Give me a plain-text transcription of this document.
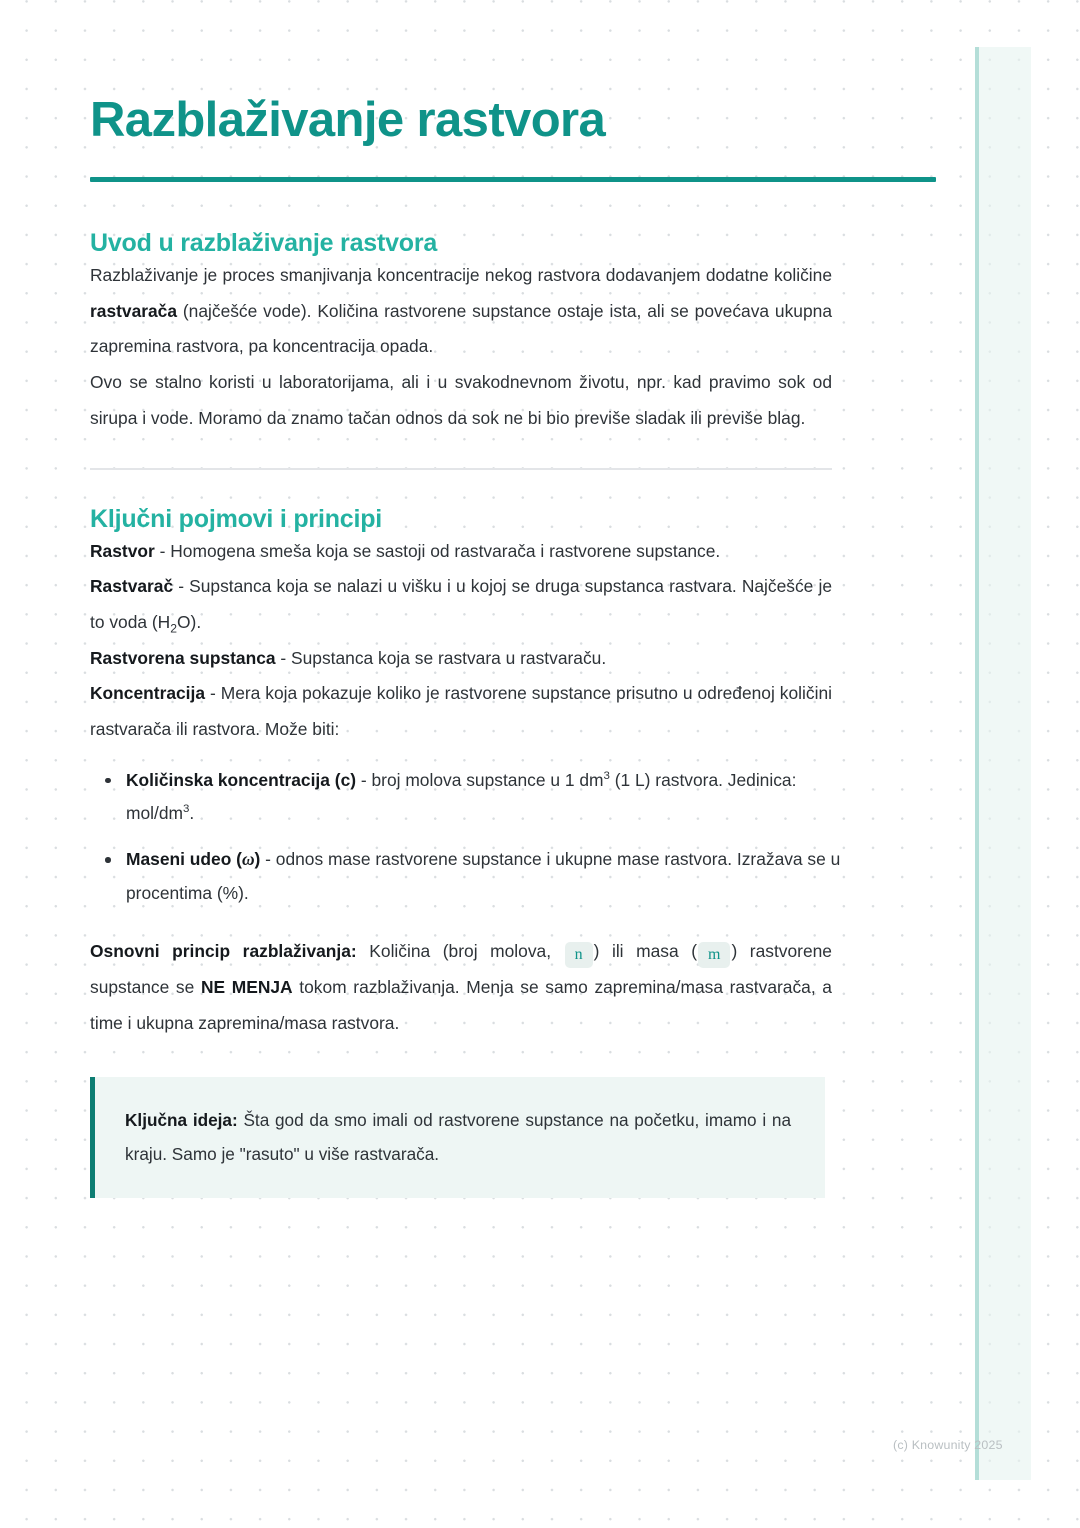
Razblaživanje rastvora
Uvod u razblaživanje rastvora

Razblaživanje je proces smanjivanja koncentracije nekog rastvora dodavanjem dodatne količine rastvarača (najčešće vode). Količina rastvorene supstance ostaje ista, ali se povećava ukupna zapremina rastvora, pa koncentracija opada.

Ovo se stalno koristi u laboratorijama, ali i u svakodnevnom životu, npr. kad pravimo sok od sirupa i vode. Moramo da znamo tačan odnos da sok ne bi bio previše sladak ili previše blag.

Ključni pojmovi i principi

Rastvor - Homogena smeša koja se sastoji od rastvarača i rastvorene supstance.

Rastvarač - Supstanca koja se nalazi u višku i u kojoj se druga supstanca rastvara. Najčešće je to voda $(H_2O)$.

Rastvorena supstanca - Supstanca koja se rastvara u rastvaraču.

Koncentracija - Mera koja pokazuje koliko je rastvorene supstance prisutno u određenoj količini rastvarača ili rastvora. Može biti:

Količinska koncentracija (c) - broj molova supstance u 1 $dm^3$ (1 L) rastvora. Jedinica: mol/$dm^3$.
Maseni udeo (ω) - odnos mase rastvorene supstance i ukupne mase rastvora. Izražava se u procentima (%).

Osnovni princip razblaživanja: Količina (broj molova, n ) ili masa ( m ) rastvorene supstance se NE MENJA tokom razblaživanja. Menja se samo zapremina/masa rastvarača, a time i ukupna zapremina/masa rastvora.

Ključna ideja: Šta god da smo imali od rastvorene supstance na početku, imamo i na kraju. Samo je "rasuto" u više rastvarača.

(c) Knowunity 2025
